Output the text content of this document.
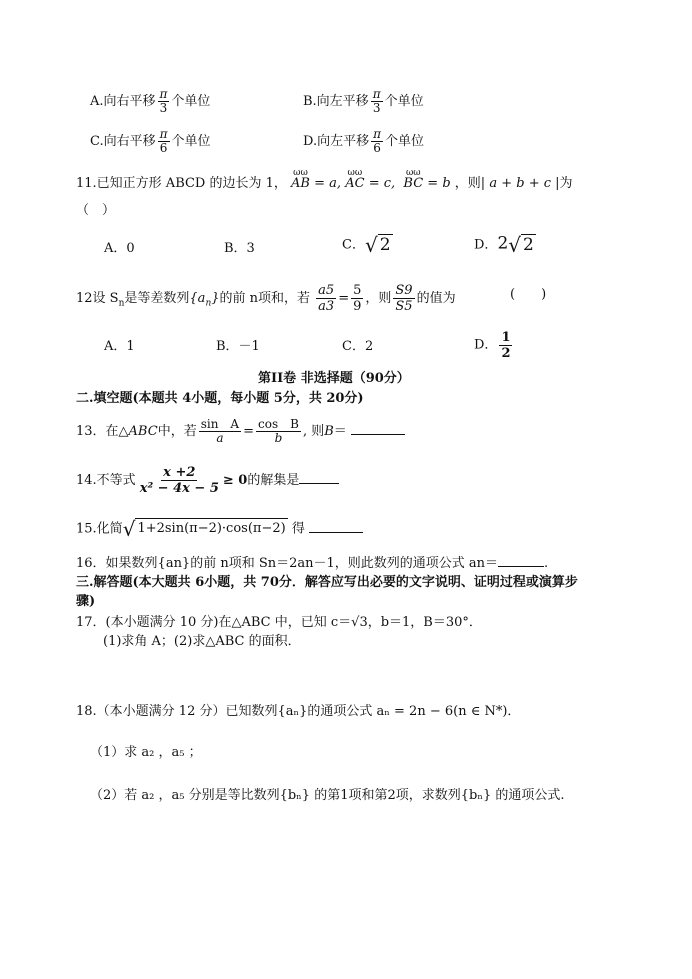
A.向右平移 $\frac{\pi}{3}$ 个单位	B.向左平移 $\frac{\pi}{3}$ 个单位
C.向右平移 $\frac{\pi}{6}$ 个单位	D.向左平移 $\frac{\pi}{6}$ 个单位
11.已知正方形 ABCD 的边长为 1， ωω AB = a, ωω AC = c, ωω BC = b ，则| a + b + c |为
（　）
A．0	B．3	C． √ 2	D．2 √ 2
12设 $S_n$是等差数列$\{a_n\}$的前 n项和，若 $\frac{a5}{a3} = \frac{5}{9}$ ，则 $\frac{S9}{S5}$ 的值为	(　　)
A．1	B．－1	C．2	D． $\frac{1}{2}$
第II卷 非选择题（90分）
二.填空题(本题共 4小题，每小题 5分，共 20分)
13．在△ABC中，若 $\frac{\text{sin　A}}{a} = \frac{\text{cos　B}}{b}$ , 则B＝
14.不等式 $\frac{x +2}{\text{x² − 4x − 5}} \ge 0$的解集是
15.化简 √ 1+2sin(π−2)·cos(π−2) 得
16．如果数列{an}的前 n项和 Sn＝2an－1，则此数列的通项公式 an＝	.
三.解答题(本大题共 6小题，共 70分．解答应写出必要的文字说明、证明过程或演算步
骤)
17．(本小题满分 10 分)在△ABC 中，已知 c＝√3，b＝1，B＝30°．
(1)求角 A；(2)求△ABC 的面积．
18.（本小题满分 12 分）已知数列{aₙ}的通项公式 aₙ = 2n − 6(n ∈ N*)．
（1）求 a₂ ，a₅ ；
（2）若 a₂ ，a₅ 分别是等比数列{bₙ} 的第1项和第2项，求数列{bₙ} 的通项公式.
